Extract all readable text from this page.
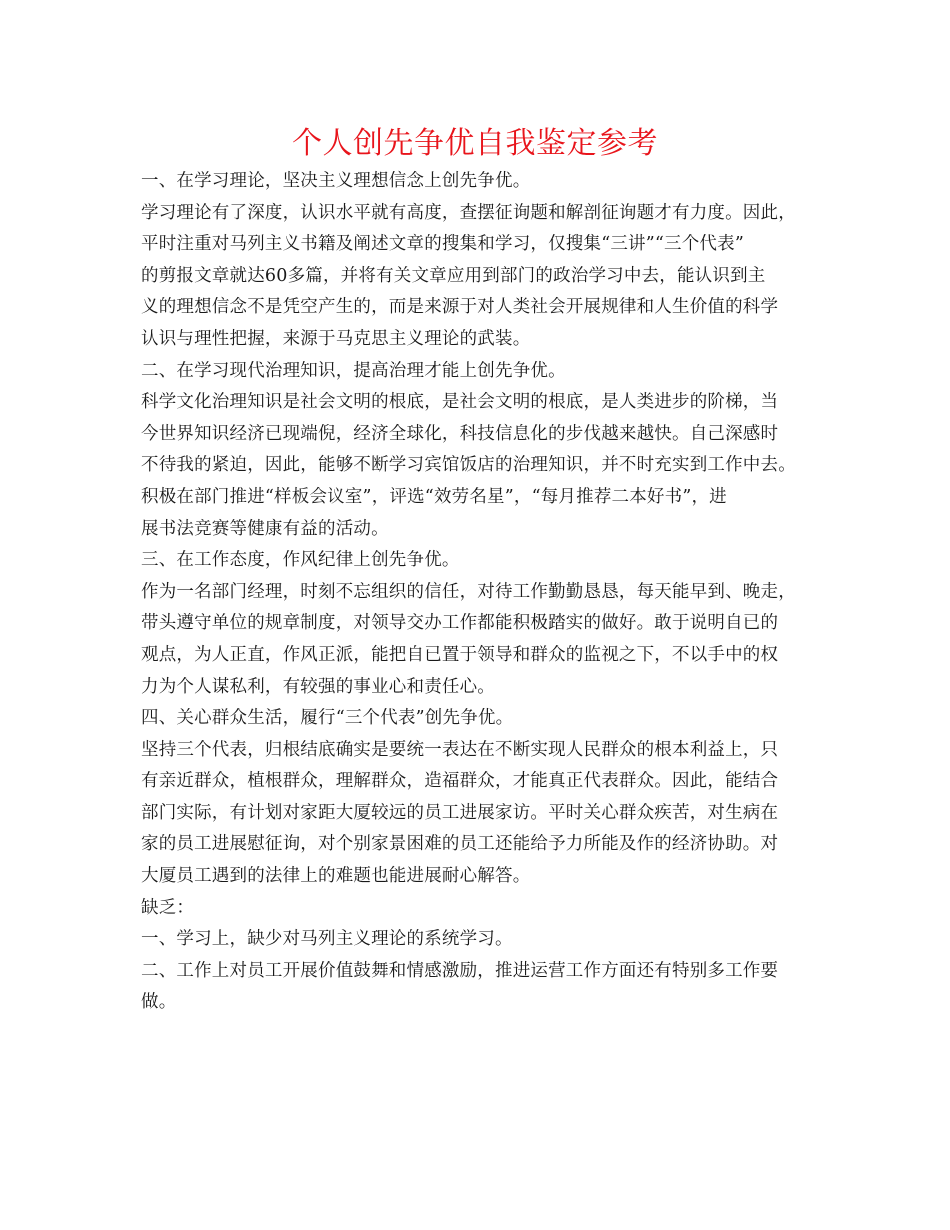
个人创先争优自我鉴定参考
一、在学习理论，坚决主义理想信念上创先争优。
学习理论有了深度，认识水平就有高度，查摆征询题和解剖征询题才有力度。因此，
平时注重对马列主义书籍及阐述文章的搜集和学习，仅搜集“三讲”“三个代表”
的剪报文章就达60多篇，并将有关文章应用到部门的政治学习中去，能认识到主
义的理想信念不是凭空产生的，而是来源于对人类社会开展规律和人生价值的科学
认识与理性把握，来源于马克思主义理论的武装。
二、在学习现代治理知识，提高治理才能上创先争优。
科学文化治理知识是社会文明的根底，是社会文明的根底，是人类进步的阶梯，当
今世界知识经济已现端倪，经济全球化，科技信息化的步伐越来越快。自己深感时
不待我的紧迫，因此，能够不断学习宾馆饭店的治理知识，并不时充实到工作中去。
积极在部门推进“样板会议室”，评选“效劳名星”，“每月推荐二本好书”，进
展书法竞赛等健康有益的活动。
三、在工作态度，作风纪律上创先争优。
作为一名部门经理，时刻不忘组织的信任，对待工作勤勤恳恳，每天能早到、晚走，
带头遵守单位的规章制度，对领导交办工作都能积极踏实的做好。敢于说明自已的
观点，为人正直，作风正派，能把自已置于领导和群众的监视之下，不以手中的权
力为个人谋私利，有较强的事业心和责任心。
四、关心群众生活，履行“三个代表”创先争优。
坚持三个代表，归根结底确实是要统一表达在不断实现人民群众的根本利益上，只
有亲近群众，植根群众，理解群众，造福群众，才能真正代表群众。因此，能结合
部门实际，有计划对家距大厦较远的员工进展家访。平时关心群众疾苦，对生病在
家的员工进展慰征询，对个别家景困难的员工还能给予力所能及作的经济协助。对
大厦员工遇到的法律上的难题也能进展耐心解答。
缺乏：
一、学习上，缺少对马列主义理论的系统学习。
二、工作上对员工开展价值鼓舞和情感激励，推进运营工作方面还有特别多工作要
做。
